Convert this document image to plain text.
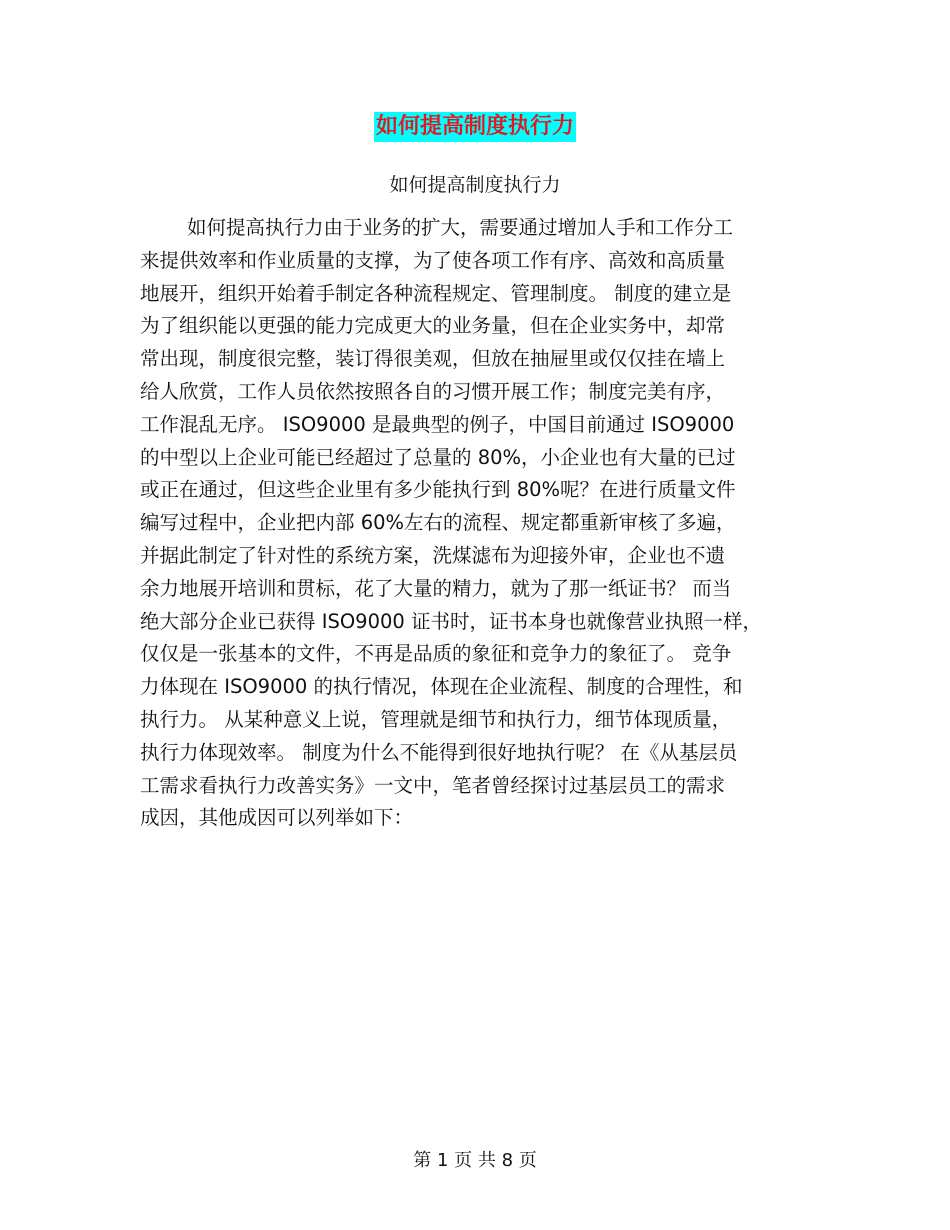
如何提高制度执行力
如何提高制度执行力
如何提高执行力由于业务的扩大，需要通过增加人手和工作分工
来提供效率和作业质量的支撑，为了使各项工作有序、高效和高质量
地展开，组织开始着手制定各种流程规定、管理制度。 制度的建立是
为了组织能以更强的能力完成更大的业务量，但在企业实务中，却常
常出现，制度很完整，装订得很美观，但放在抽屉里或仅仅挂在墙上
给人欣赏，工作人员依然按照各自的习惯开展工作；制度完美有序，
工作混乱无序。 ISO9000 是最典型的例子，中国目前通过 ISO9000
的中型以上企业可能已经超过了总量的 80%，小企业也有大量的已过
或正在通过，但这些企业里有多少能执行到 80%呢？在进行质量文件
编写过程中，企业把内部 60%左右的流程、规定都重新审核了多遍，
并据此制定了针对性的系统方案，洗煤滤布为迎接外审，企业也不遗
余力地展开培训和贯标，花了大量的精力，就为了那一纸证书？ 而当
绝大部分企业已获得 ISO9000 证书时，证书本身也就像营业执照一样，
仅仅是一张基本的文件，不再是品质的象征和竞争力的象征了。 竞争
力体现在 ISO9000 的执行情况，体现在企业流程、制度的合理性，和
执行力。 从某种意义上说，管理就是细节和执行力，细节体现质量，
执行力体现效率。 制度为什么不能得到很好地执行呢？ 在《从基层员
工需求看执行力改善实务》一文中，笔者曾经探讨过基层员工的需求
成因，其他成因可以列举如下：
第 1 页 共 8 页
